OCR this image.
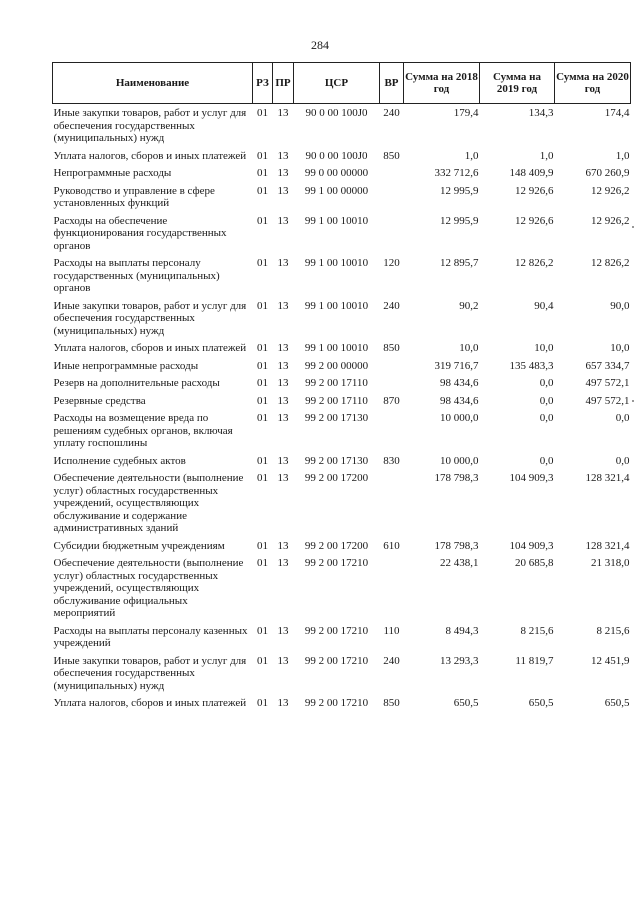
284
Наименование	РЗ	ПР	ЦСР	ВР	Сумма на 2018 год	Сумма на 2019 год	Сумма на 2020 год
Иные закупки товаров, работ и услуг для обеспечения государственных (муниципальных) нужд	01	13	90 0 00 100J0	240	179,4	134,3	174,4
Уплата налогов, сборов и иных платежей	01	13	90 0 00 100J0	850	1,0	1,0	1,0
Непрограммные расходы	01	13	99 0 00 00000		332 712,6	148 409,9	670 260,9
Руководство и управление в сфере установленных функций	01	13	99 1 00 00000		12 995,9	12 926,6	12 926,2
Расходы на обеспечение функционирования государственных органов	01	13	99 1 00 10010		12 995,9	12 926,6	12 926,2
Расходы на выплаты персоналу государственных (муниципальных) органов	01	13	99 1 00 10010	120	12 895,7	12 826,2	12 826,2
Иные закупки товаров, работ и услуг для обеспечения государственных (муниципальных) нужд	01	13	99 1 00 10010	240	90,2	90,4	90,0
Уплата налогов, сборов и иных платежей	01	13	99 1 00 10010	850	10,0	10,0	10,0
Иные непрограммные расходы	01	13	99 2 00 00000		319 716,7	135 483,3	657 334,7
Резерв на дополнительные расходы	01	13	99 2 00 17110		98 434,6	0,0	497 572,1
Резервные средства	01	13	99 2 00 17110	870	98 434,6	0,0	497 572,1
Расходы на возмещение вреда по решениям судебных органов, включая уплату госпошлины	01	13	99 2 00 17130		10 000,0	0,0	0,0
Исполнение судебных актов	01	13	99 2 00 17130	830	10 000,0	0,0	0,0
Обеспечение деятельности (выполнение услуг) областных государственных учреждений, осуществляющих обслуживание и содержание административных зданий	01	13	99 2 00 17200		178 798,3	104 909,3	128 321,4
Субсидии бюджетным учреждениям	01	13	99 2 00 17200	610	178 798,3	104 909,3	128 321,4
Обеспечение деятельности (выполнение услуг) областных государственных учреждений, осуществляющих обслуживание официальных мероприятий	01	13	99 2 00 17210		22 438,1	20 685,8	21 318,0
Расходы на выплаты персоналу казенных учреждений	01	13	99 2 00 17210	110	8 494,3	8 215,6	8 215,6
Иные закупки товаров, работ и услуг для обеспечения государственных (муниципальных) нужд	01	13	99 2 00 17210	240	13 293,3	11 819,7	12 451,9
Уплата налогов, сборов и иных платежей	01	13	99 2 00 17210	850	650,5	650,5	650,5
